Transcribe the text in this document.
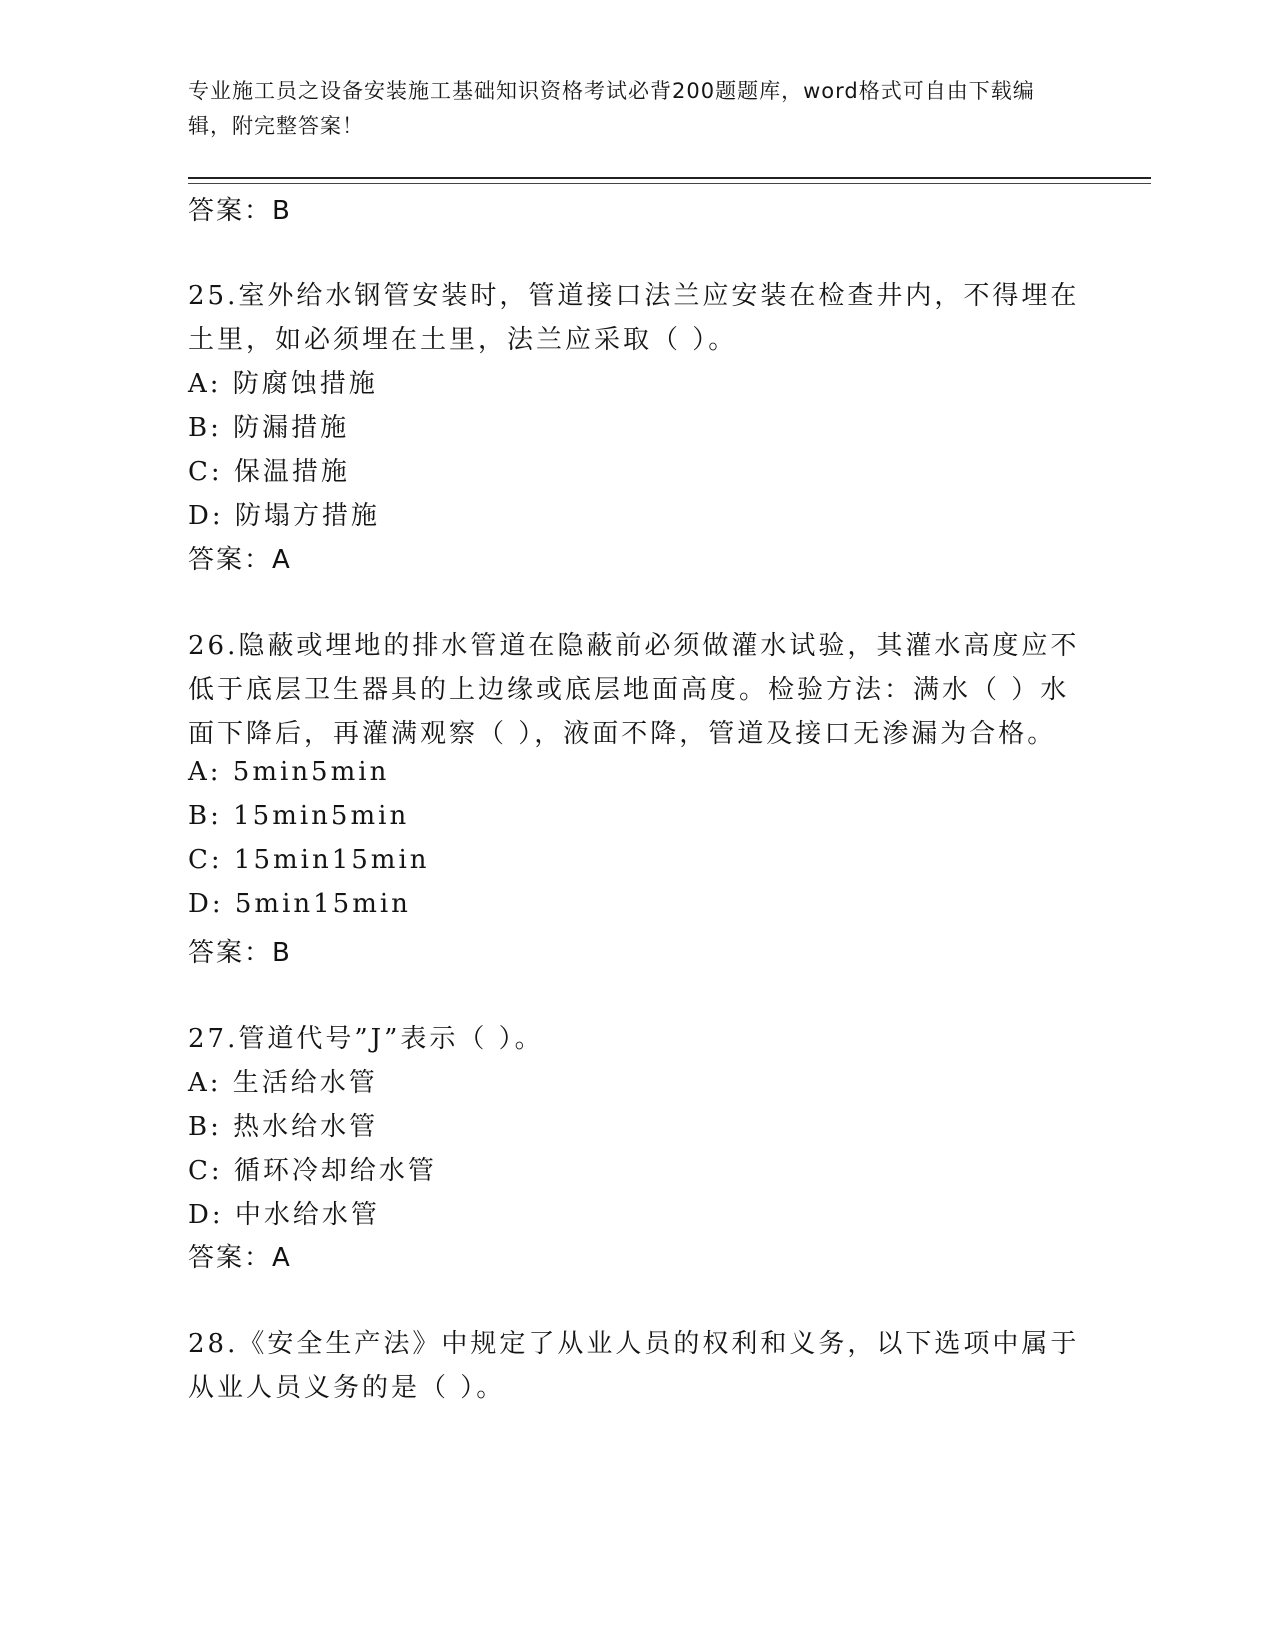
专业施工员之设备安装施工基础知识资格考试必背200题题库，word格式可自由下载编辑，附完整答案！
答案：B
25.室外给水钢管安装时，管道接口法兰应安装在检查井内，不得埋在
土里，如必须埋在土里，法兰应采取（ ）。
A: 防腐蚀措施
B: 防漏措施
C: 保温措施
D: 防塌方措施
答案：A
26.隐蔽或埋地的排水管道在隐蔽前必须做灌水试验，其灌水高度应不
低于底层卫生器具的上边缘或底层地面高度。检验方法：满水（ ）水
面下降后，再灌满观察（ ），液面不降，管道及接口无渗漏为合格。
A: 5min5min
B: 15min5min
C: 15min15min
D: 5min15min
答案：B
27.管道代号”J”表示（ ）。
A: 生活给水管
B: 热水给水管
C: 循环冷却给水管
D: 中水给水管
答案：A
28.《安全生产法》中规定了从业人员的权利和义务，以下选项中属于
从业人员义务的是（ ）。
